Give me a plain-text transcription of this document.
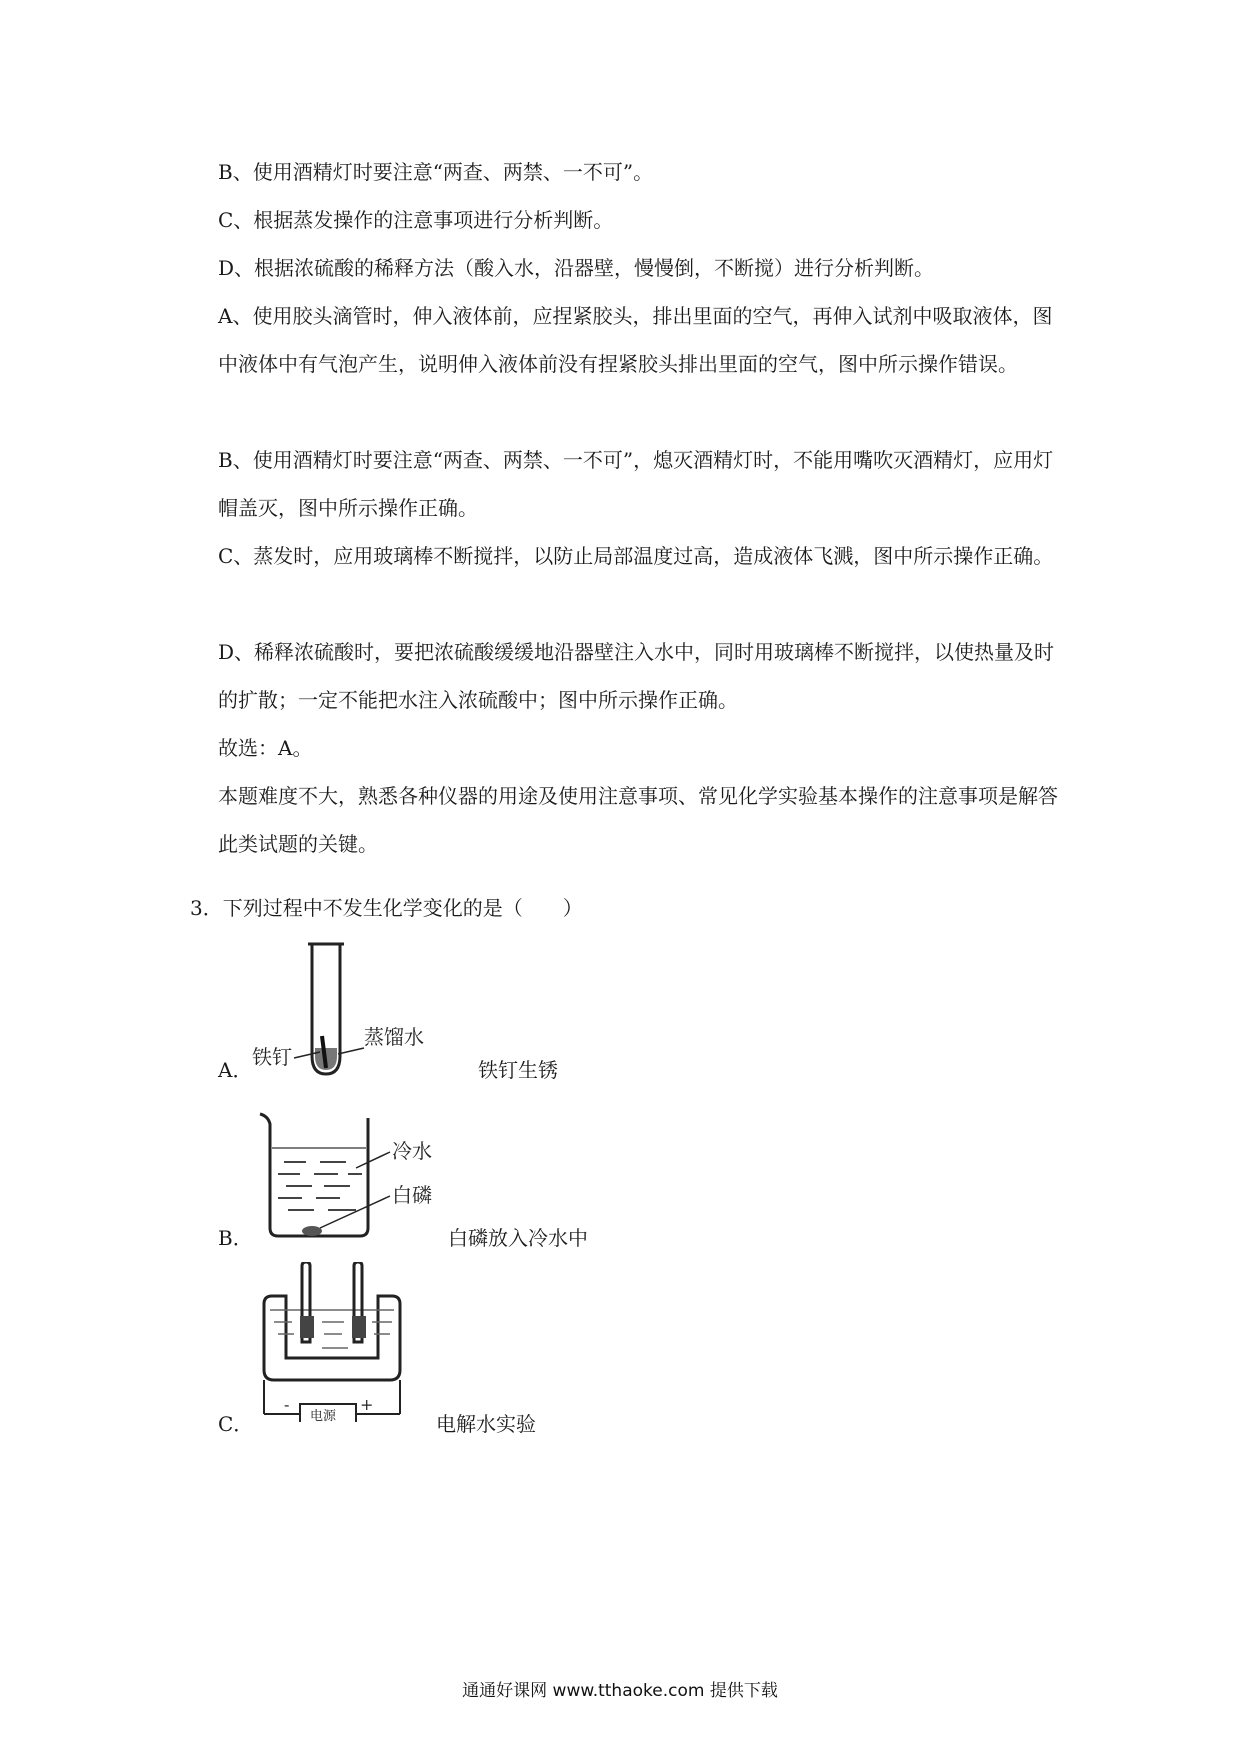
B、使用酒精灯时要注意“两查、两禁、一不可”。

C、根据蒸发操作的注意事项进行分析判断。

D、根据浓硫酸的稀释方法（酸入水，沿器壁，慢慢倒，不断搅）进行分析判断。

A、使用胶头滴管时，伸入液体前，应捏紧胶头，排出里面的空气，再伸入试剂中吸取液体，图中液体中有气泡产生，说明伸入液体前没有捏紧胶头排出里面的空气，图中所示操作错误。

B、使用酒精灯时要注意“两查、两禁、一不可”，熄灭酒精灯时，不能用嘴吹灭酒精灯，应用灯帽盖灭，图中所示操作正确。

C、蒸发时，应用玻璃棒不断搅拌，以防止局部温度过高，造成液体飞溅，图中所示操作正确。

D、稀释浓硫酸时，要把浓硫酸缓缓地沿器壁注入水中，同时用玻璃棒不断搅拌，以使热量及时的扩散；一定不能把水注入浓硫酸中；图中所示操作正确。

故选：A。

本题难度不大，熟悉各种仪器的用途及使用注意事项、常见化学实验基本操作的注意事项是解答此类试题的关键。

3．下列过程中不发生化学变化的是（　　）
铁钉
蒸馏水
A．	铁钉生锈
冷水
白磷
B．	白磷放入冷水中
电源
-	+
C．	电解水实验
通通好课网 www.tthaoke.com 提供下载
